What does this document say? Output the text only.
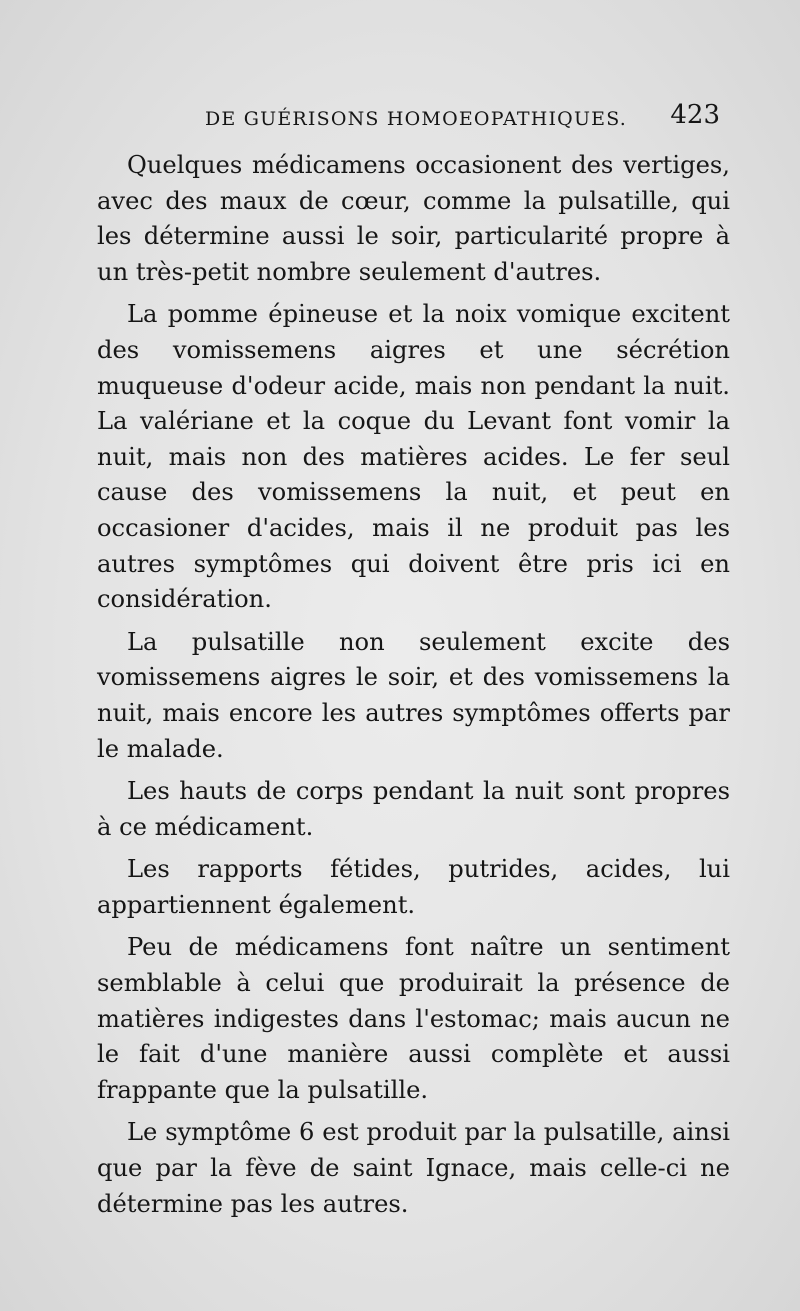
DE GUÉRISONS HOMOEOPATHIQUES. 423

Quelques médicamens occasionent des vertiges, avec des maux de cœur, comme la pulsatille, qui les détermine aussi le soir, particularité propre à un très-petit nombre seulement d'autres.

La pomme épineuse et la noix vomique excitent des vomissemens aigres et une sécrétion muqueuse d'odeur acide, mais non pendant la nuit. La valériane et la coque du Levant font vomir la nuit, mais non des matières acides. Le fer seul cause des vomissemens la nuit, et peut en occasioner d'acides, mais il ne produit pas les autres symptômes qui doivent être pris ici en considération.

La pulsatille non seulement excite des vomissemens aigres le soir, et des vomissemens la nuit, mais encore les autres symptômes offerts par le malade.

Les hauts de corps pendant la nuit sont propres à ce médicament.

Les rapports fétides, putrides, acides, lui appartiennent également.

Peu de médicamens font naître un sentiment semblable à celui que produirait la présence de matières indigestes dans l'estomac; mais aucun ne le fait d'une manière aussi complète et aussi frappante que la pulsatille.

Le symptôme 6 est produit par la pulsatille, ainsi que par la fève de saint Ignace, mais celle-ci ne détermine pas les autres.
